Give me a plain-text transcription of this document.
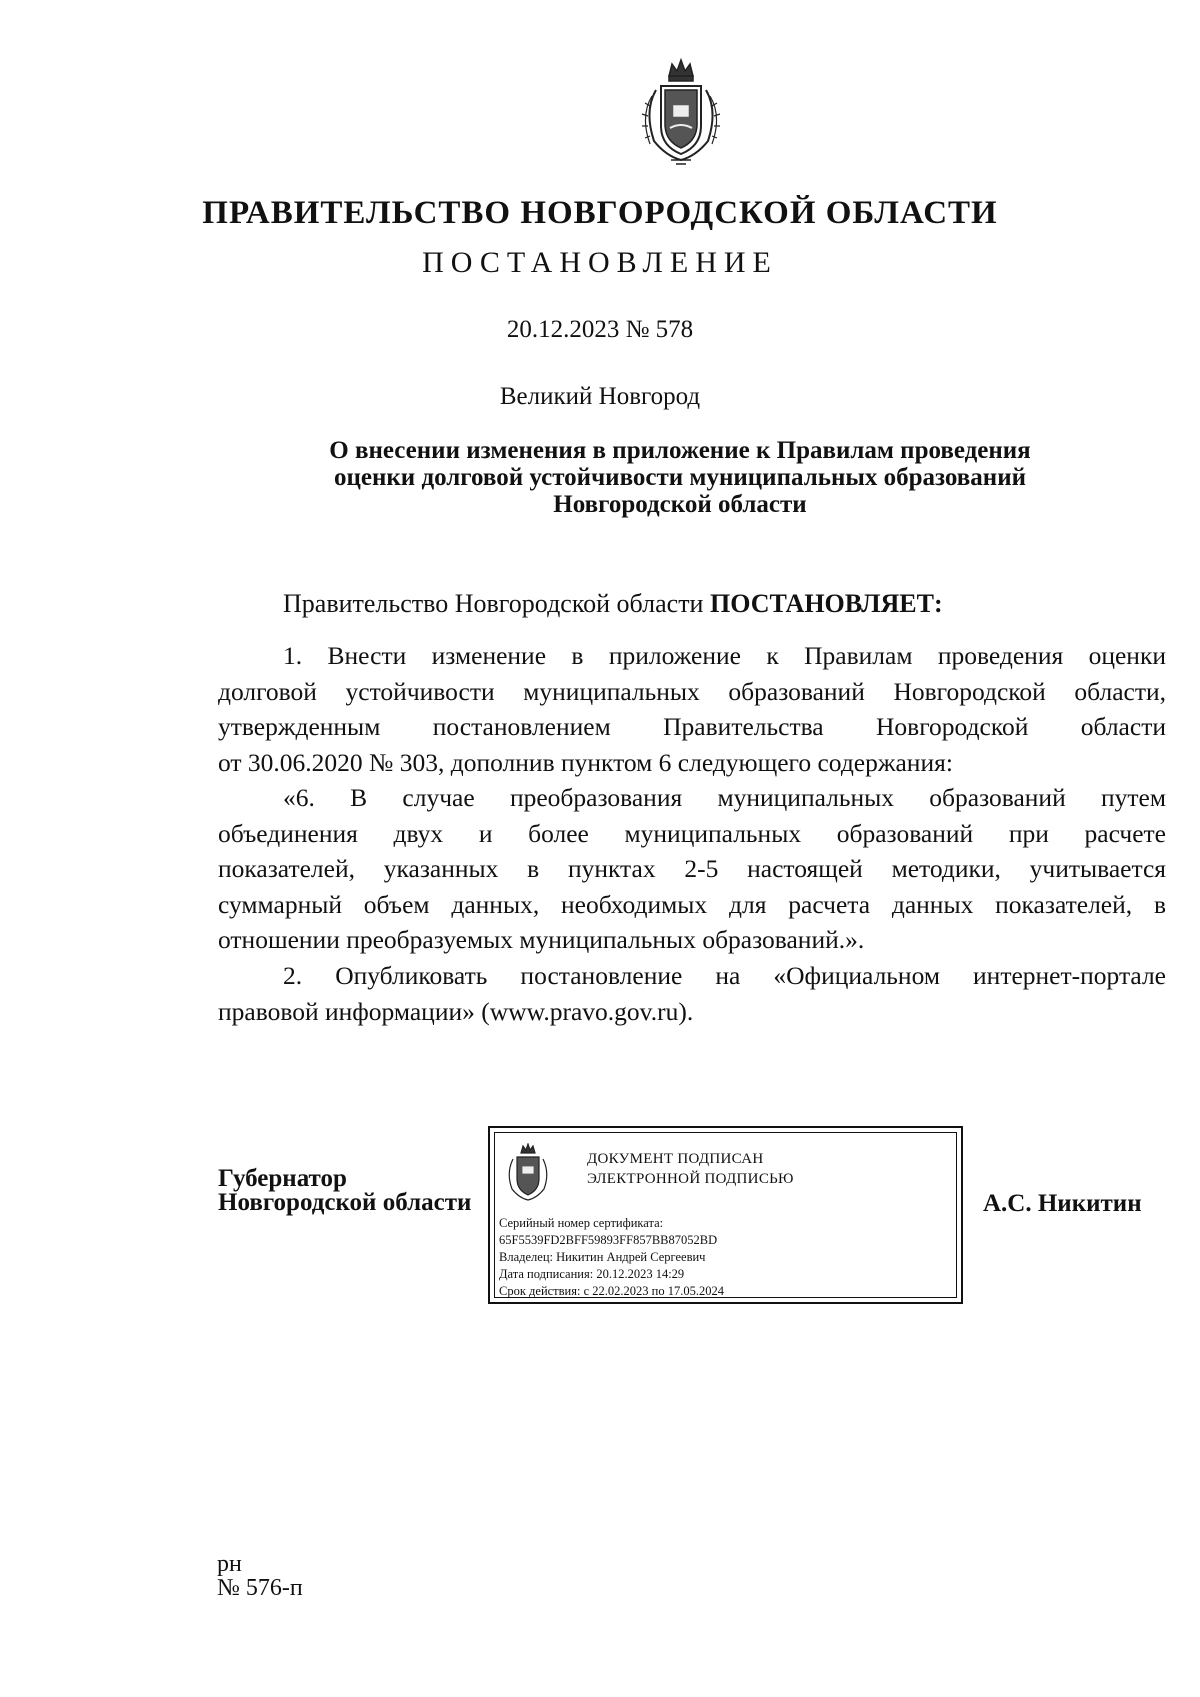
ПРАВИТЕЛЬСТВО НОВГОРОДСКОЙ ОБЛАСТИ
ПОСТАНОВЛЕНИЕ
20.12.2023 № 578
Великий Новгород
О внесении изменения в приложение к Правилам проведения
оценки долговой устойчивости муниципальных образований
Новгородской области
Правительство Новгородской области ПОСТАНОВЛЯЕТ:
1. Внести изменение в приложение к Правилам проведения оценки
долговой устойчивости муниципальных образований Новгородской области,
утвержденным постановлением Правительства Новгородской области
от 30.06.2020 № 303, дополнив пунктом 6 следующего содержания:
«6. В случае преобразования муниципальных образований путем
объединения двух и более муниципальных образований при расчете
показателей, указанных в пунктах 2-5 настоящей методики, учитывается
суммарный объем данных, необходимых для расчета данных показателей, в
отношении преобразуемых муниципальных образований.».
2. Опубликовать постановление на «Официальном интернет-портале
правовой информации» (www.pravo.gov.ru).
Губернатор
Новгородской области
ДОКУМЕНТ ПОДПИСАН
ЭЛЕКТРОННОЙ ПОДПИСЬЮ
Серийный номер сертификата:
65F5539FD2BFF59893FF857BB87052BD
Владелец: Никитин Андрей Сергеевич
Дата подписания: 20.12.2023 14:29
Срок действия: с 22.02.2023 по 17.05.2024
А.С. Никитин
рн
№ 576-п
